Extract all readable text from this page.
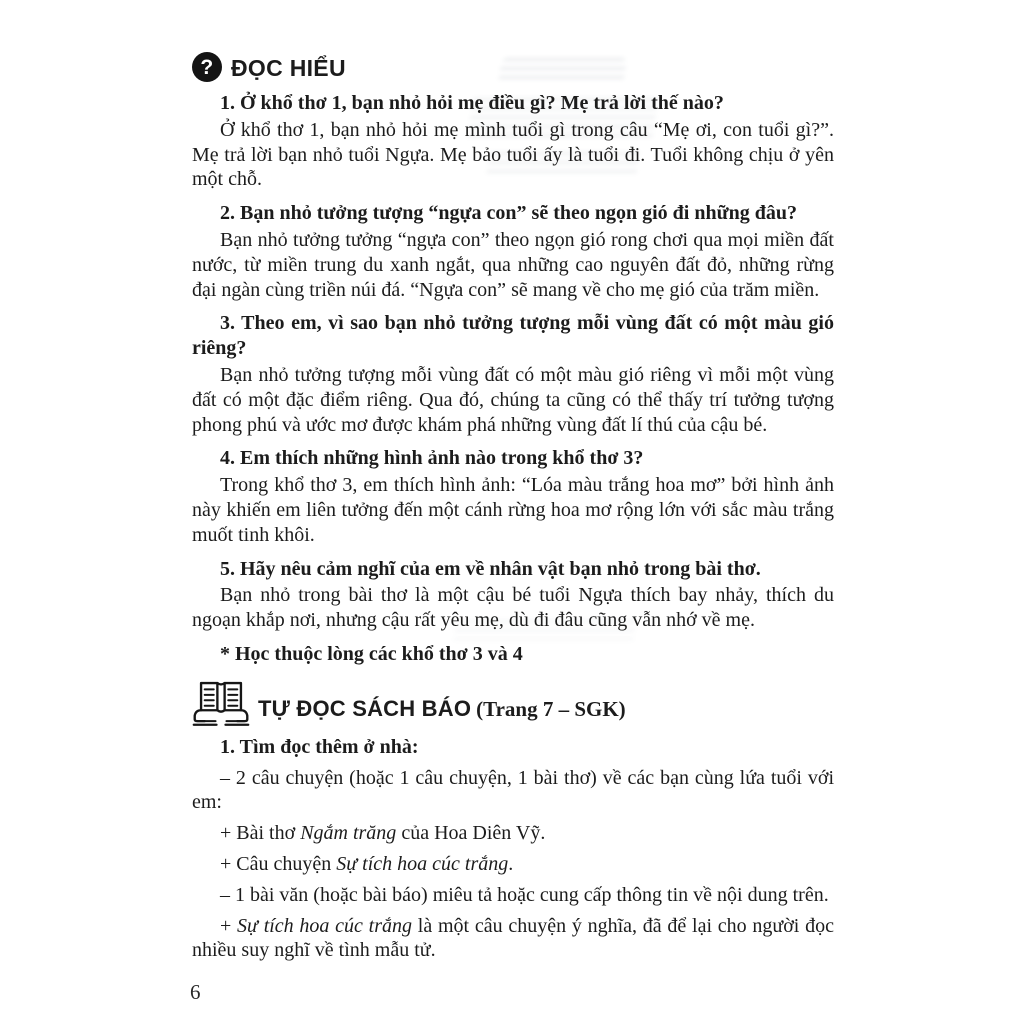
? ĐỌC HIỂU

1. Ở khổ thơ 1, bạn nhỏ hỏi mẹ điều gì? Mẹ trả lời thế nào?

Ở khổ thơ 1, bạn nhỏ hỏi mẹ mình tuổi gì trong câu “Mẹ ơi, con tuổi gì?”. Mẹ trả lời bạn nhỏ tuổi Ngựa. Mẹ bảo tuổi ấy là tuổi đi. Tuổi không chịu ở yên một chỗ.

2. Bạn nhỏ tưởng tượng “ngựa con” sẽ theo ngọn gió đi những đâu?

Bạn nhỏ tưởng tưởng “ngựa con” theo ngọn gió rong chơi qua mọi miền đất nước, từ miền trung du xanh ngắt, qua những cao nguyên đất đỏ, những rừng đại ngàn cùng triền núi đá. “Ngựa con” sẽ mang về cho mẹ gió của trăm miền.

3. Theo em, vì sao bạn nhỏ tưởng tượng mỗi vùng đất có một màu gió riêng?

Bạn nhỏ tưởng tượng mỗi vùng đất có một màu gió riêng vì mỗi một vùng đất có một đặc điểm riêng. Qua đó, chúng ta cũng có thể thấy trí tưởng tượng phong phú và ước mơ được khám phá những vùng đất lí thú của cậu bé.

4. Em thích những hình ảnh nào trong khổ thơ 3?

Trong khổ thơ 3, em thích hình ảnh: “Lóa màu trắng hoa mơ” bởi hình ảnh này khiến em liên tưởng đến một cánh rừng hoa mơ rộng lớn với sắc màu trắng muốt tinh khôi.

5. Hãy nêu cảm nghĩ của em về nhân vật bạn nhỏ trong bài thơ.

Bạn nhỏ trong bài thơ là một cậu bé tuổi Ngựa thích bay nhảy, thích du ngoạn khắp nơi, nhưng cậu rất yêu mẹ, dù đi đâu cũng vẫn nhớ về mẹ.

* Học thuộc lòng các khổ thơ 3 và 4

TỰ ĐỌC SÁCH BÁO (Trang 7 – SGK)

1. Tìm đọc thêm ở nhà:

– 2 câu chuyện (hoặc 1 câu chuyện, 1 bài thơ) về các bạn cùng lứa tuổi với em:

+ Bài thơ Ngắm trăng của Hoa Diên Vỹ.

+ Câu chuyện Sự tích hoa cúc trắng.

– 1 bài văn (hoặc bài báo) miêu tả hoặc cung cấp thông tin về nội dung trên.

+ Sự tích hoa cúc trắng là một câu chuyện ý nghĩa, đã để lại cho người đọc nhiều suy nghĩ về tình mẫu tử.

6
